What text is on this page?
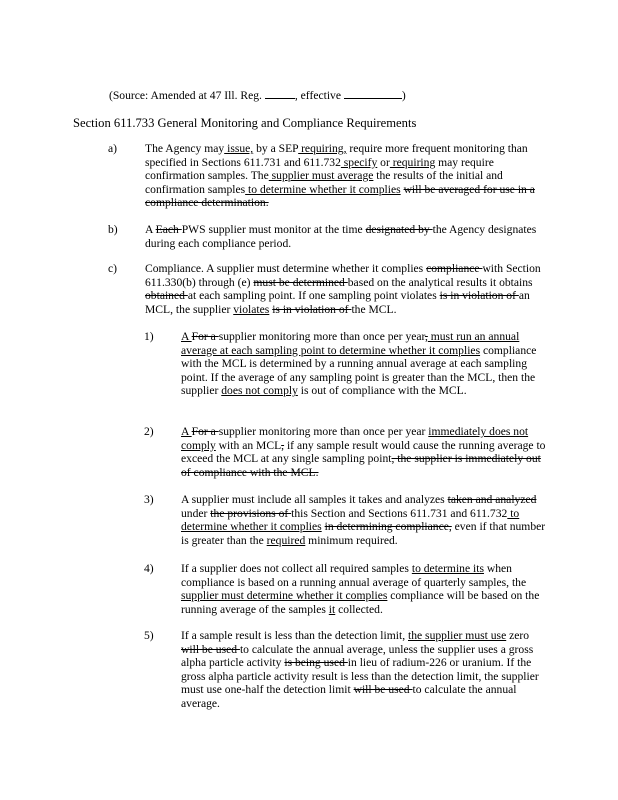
(Source: Amended at 47 Ill. Reg.	, effective	)
Section 611.733 General Monitoring and Compliance Requirements
a) The Agency may issue, by a SEP requiring, require more frequent monitoring than specified in Sections 611.731 and 611.732 specify or requiring may require confirmation samples. The supplier must average the results of the initial and confirmation samples to determine whether it complies will be averaged for use in a compliance determination.
b) A Each PWS supplier must monitor at the time designated by the Agency designates during each compliance period.
c) Compliance. A supplier must determine whether it complies compliance with Section 611.330(b) through (e) must be determined based on the analytical results it obtains obtained at each sampling point. If one sampling point violates is in violation of an MCL, the supplier violates is in violation of the MCL.
1) A For a supplier monitoring more than once per year, must run an annual average at each sampling point to determine whether it complies compliance with the MCL is determined by a running annual average at each sampling point. If the average of any sampling point is greater than the MCL, then the supplier does not comply is out of compliance with the MCL.
2) A For a supplier monitoring more than once per year immediately does not comply with an MCL, if any sample result would cause the running average to exceed the MCL at any single sampling point, the supplier is immediately out of compliance with the MCL.
3) A supplier must include all samples it takes and analyzes taken and analyzed under the provisions of this Section and Sections 611.731 and 611.732 to determine whether it complies in determining compliance, even if that number is greater than the required minimum required.
4) If a supplier does not collect all required samples to determine its when compliance is based on a running annual average of quarterly samples, the supplier must determine whether it complies compliance will be based on the running average of the samples it collected.
5) If a sample result is less than the detection limit, the supplier must use zero will be used to calculate the annual average, unless the supplier uses a gross alpha particle activity is being used in lieu of radium-226 or uranium. If the gross alpha particle activity result is less than the detection limit, the supplier must use one-half the detection limit will be used to calculate the annual average.
